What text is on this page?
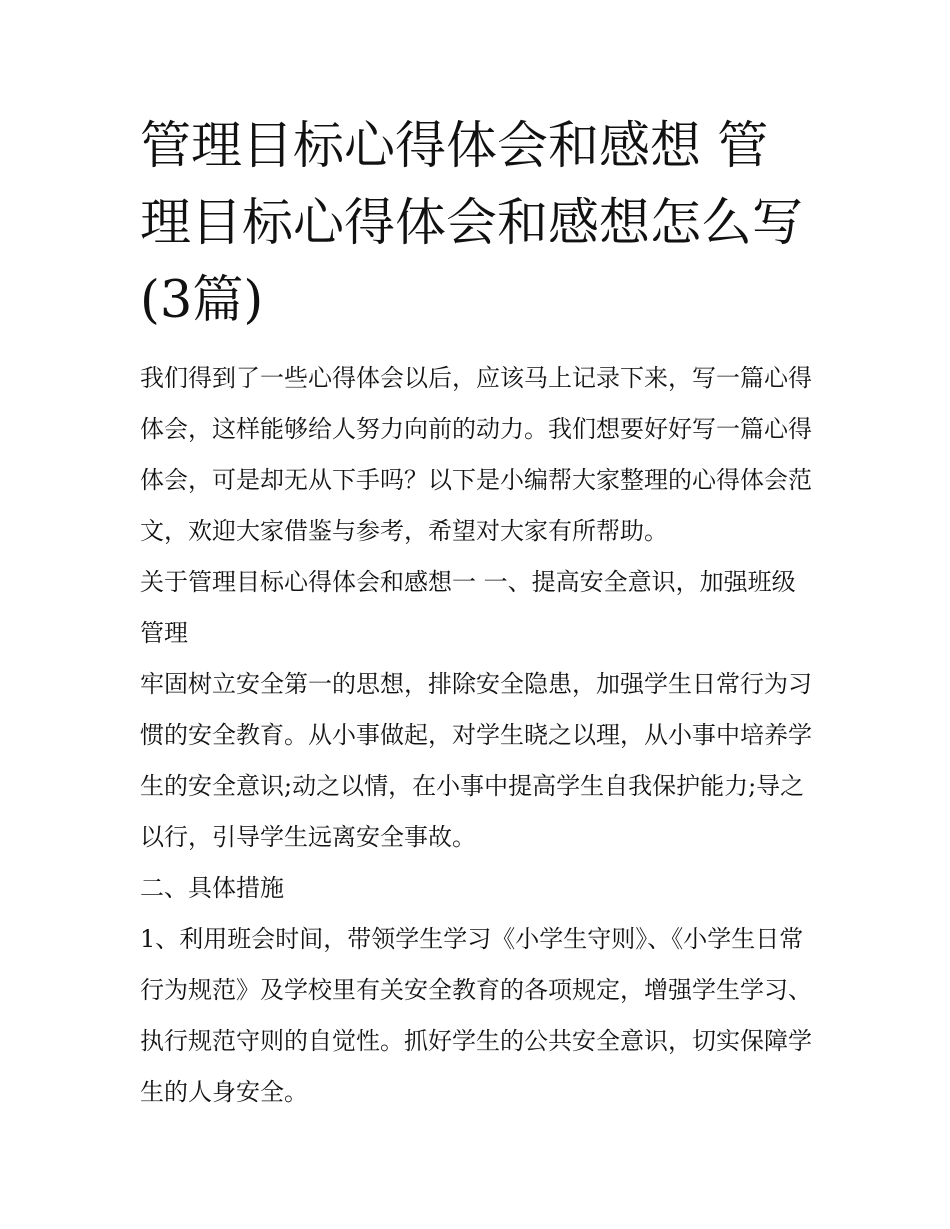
管理目标心得体会和感想 管理目标心得体会和感想怎么写(3篇)

我们得到了一些心得体会以后，应该马上记录下来，写一篇心得体会，这样能够给人努力向前的动力。我们想要好好写一篇心得体会，可是却无从下手吗？以下是小编帮大家整理的心得体会范文，欢迎大家借鉴与参考，希望对大家有所帮助。

关于管理目标心得体会和感想一 一、提高安全意识，加强班级管理

牢固树立安全第一的思想，排除安全隐患，加强学生日常行为习惯的安全教育。从小事做起，对学生晓之以理，从小事中培养学生的安全意识;动之以情，在小事中提高学生自我保护能力;导之以行，引导学生远离安全事故。

二、具体措施

1、利用班会时间，带领学生学习《小学生守则》、《小学生日常行为规范》及学校里有关安全教育的各项规定，增强学生学习、执行规范守则的自觉性。抓好学生的公共安全意识，切实保障学生的人身安全。
